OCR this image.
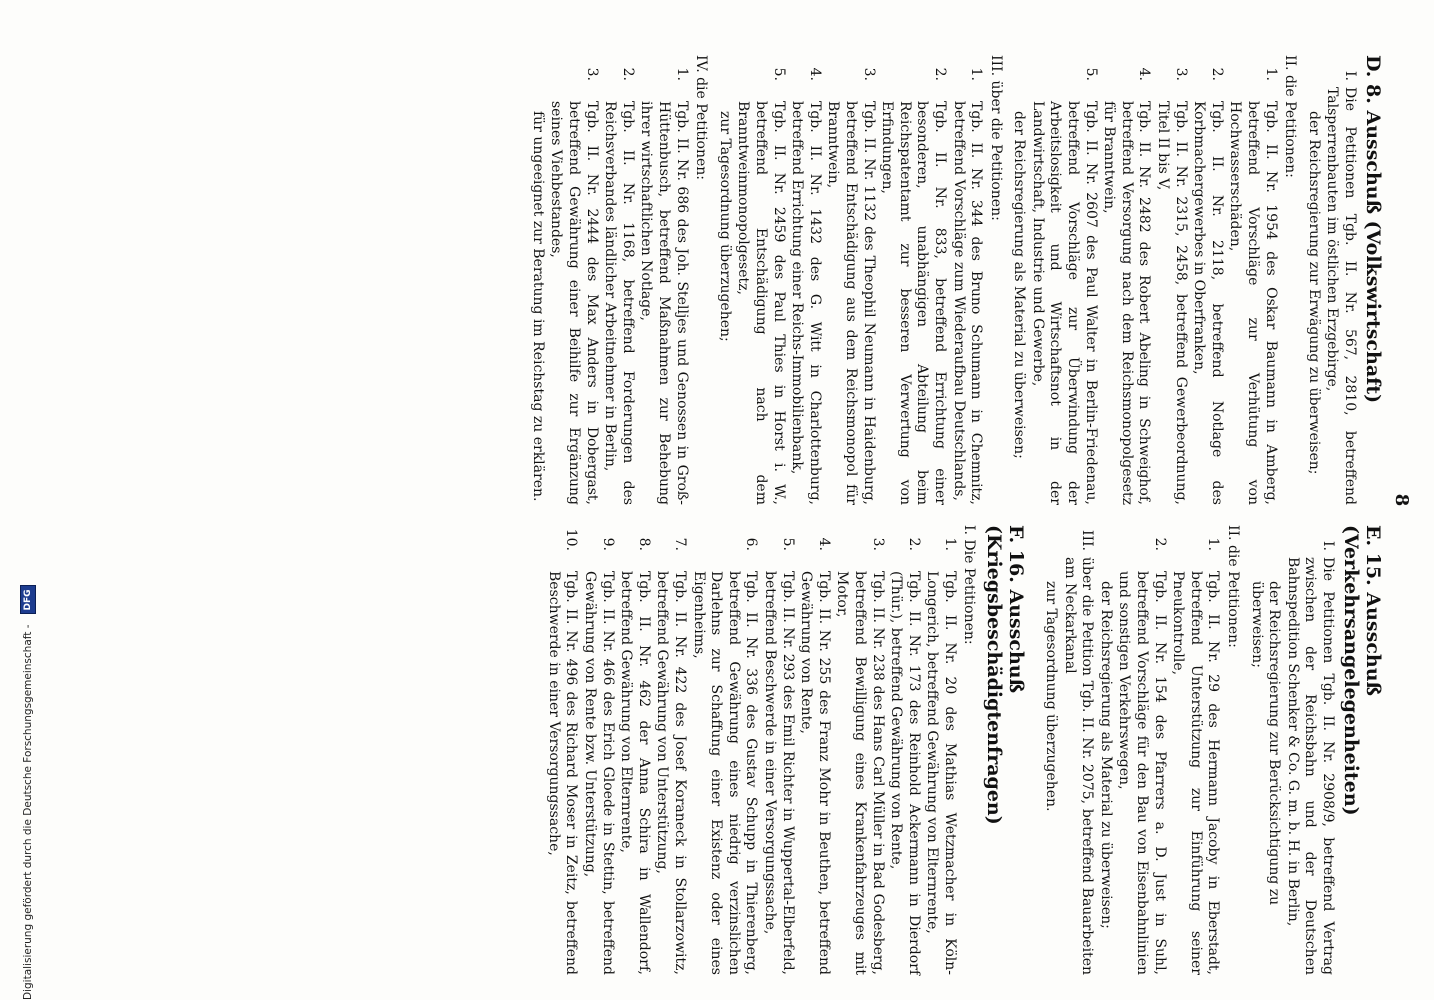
8
D. 8. Ausschuß (Volkswirtschaft)
I.
Die Petitionen Tgb. II. Nr. 567, 2810, betreffend Talsperrenbauten im östlichen Erzgebirge,
der Reichsregierung zur Erwägung zu überweisen;
II. die Petitionen:
1.
Tgb. II. Nr. 1954 des Oskar Baumann in Amberg, betreffend Vorschläge zur Verhütung von Hochwasserschäden,
2.
Tgb. II. Nr. 2118, betreffend Notlage des Korbmachergewerbes in Oberfranken,
3.
Tgb. II. Nr. 2315, 2458, betreffend Gewerbeordnung, Titel II bis V,
4.
Tgb. II. Nr. 2482 des Robert Abeling in Schweighof, betreffend Versorgung nach dem Reichsmonopolgesetz für Branntwein,
5.
Tgb. II. Nr. 2607 des Paul Walter in Berlin-Friedenau, betreffend Vorschläge zur Überwindung der Arbeitslosigkeit und Wirtschaftsnot in der Landwirtschaft, Industrie und Gewerbe,
der Reichsregierung als Material zu überweisen;
III. über die Petitionen:
1.
Tgb. II. Nr. 344 des Bruno Schumann in Chemnitz, betreffend Vorschläge zum Wiederaufbau Deutschlands,
2.
Tgb. II. Nr. 833, betreffend Errichtung einer besonderen, unabhängigen Abteilung beim Reichspatentamt zur besseren Verwertung von Erfindungen,
3.
Tgb. II. Nr. 1132 des Theophil Neumann in Haidenburg, betreffend Entschädigung aus dem Reichsmonopol für Branntwein,
4.
Tgb. II. Nr. 1432 des G. Witt in Charlottenburg, betreffend Errichtung einer Reichs-Immobilienbank,
5.
Tgb. II. Nr. 2459 des Paul Thies in Horst i. W., betreffend Entschädigung nach dem Branntweinmonopolgesetz,
zur Tagesordnung überzugehen;
IV. die Petitionen:
1.
Tgb. II. Nr. 686 des Joh. Stelljes und Genossen in Groß-Hüttenbusch, betreffend Maßnahmen zur Behebung ihrer wirtschaftlichen Notlage,
2.
Tgb. II. Nr. 1168, betreffend Forderungen des Reichsverbandes ländlicher Arbeitnehmer in Berlin,
3.
Tgb. II. Nr. 2444 des Max Anders in Dobergast, betreffend Gewährung einer Beihilfe zur Ergänzung seines Viehbestandes,
für ungeeignet zur Beratung im Reichstag zu erklären.
E. 15. Ausschuß (Verkehrsangelegenheiten)
I.
Die Petitionen Tgb. II. Nr. 2908/9, betreffend Vertrag zwischen der Reichsbahn und der Deutschen Bahnspedition Schenker & Co. G. m. b. H. in Berlin,
der Reichsregierung zur Berücksichtigung zu überweisen;
II. die Petitionen:
1.
Tgb. II. Nr. 29 des Hermann Jacoby in Eberstadt, betreffend Unterstützung zur Einführung seiner Pneukontrolle,
2.
Tgb. II. Nr. 154 des Pfarrers a. D. Just in Suhl, betreffend Vorschläge für den Bau von Eisenbahnlinien und sonstigen Verkehrswegen,
der Reichsregierung als Material zu überweisen;
III.
über die Petition Tgb. II. Nr. 2075, betreffend Bauarbeiten am Neckarkanal
zur Tagesordnung überzugehen.
F. 16. Ausschuß (Kriegsbeschädigtenfragen)
I. Die Petitionen:
1.
Tgb. II. Nr. 20 des Mathias Wetzmacher in Köln-Longerich, betreffend Gewährung von Elternrente,
2.
Tgb. II. Nr. 173 des Reinhold Ackermann in Dierdorf (Thür.), betreffend Gewährung von Rente,
3.
Tgb. II. Nr. 238 des Hans Carl Müller in Bad Godesberg, betreffend Bewilligung eines Krankenfahrzeuges mit Motor,
4.
Tgb. II. Nr. 255 des Franz Mohr in Beuthen, betreffend Gewährung von Rente,
5.
Tgb. II. Nr. 293 des Emil Richter in Wuppertal-Elberfeld, betreffend Beschwerde in einer Versorgungssache,
6.
Tgb. II. Nr. 336 des Gustav Schupp in Thierenberg, betreffend Gewährung eines niedrig verzinslichen Darlehns zur Schaffung einer Existenz oder eines Eigenheims,
7.
Tgb. II. Nr. 422 des Josef Koraneck in Stollarzowitz, betreffend Gewährung von Unterstützung,
8.
Tgb. II. Nr. 462 der Anna Schira in Wallendorf, betreffend Gewährung von Elternrente,
9.
Tgb. II. Nr. 466 des Erich Gloede in Stettin, betreffend Gewährung von Rente bzw. Unterstützung,
10.
Tgb. II. Nr. 496 des Richard Moser in Zeitz, betreffend Beschwerde in einer Versorgungssache,
Digitalisierung gefördert durch die Deutsche Forschungsgemeinschaft -
DFG
